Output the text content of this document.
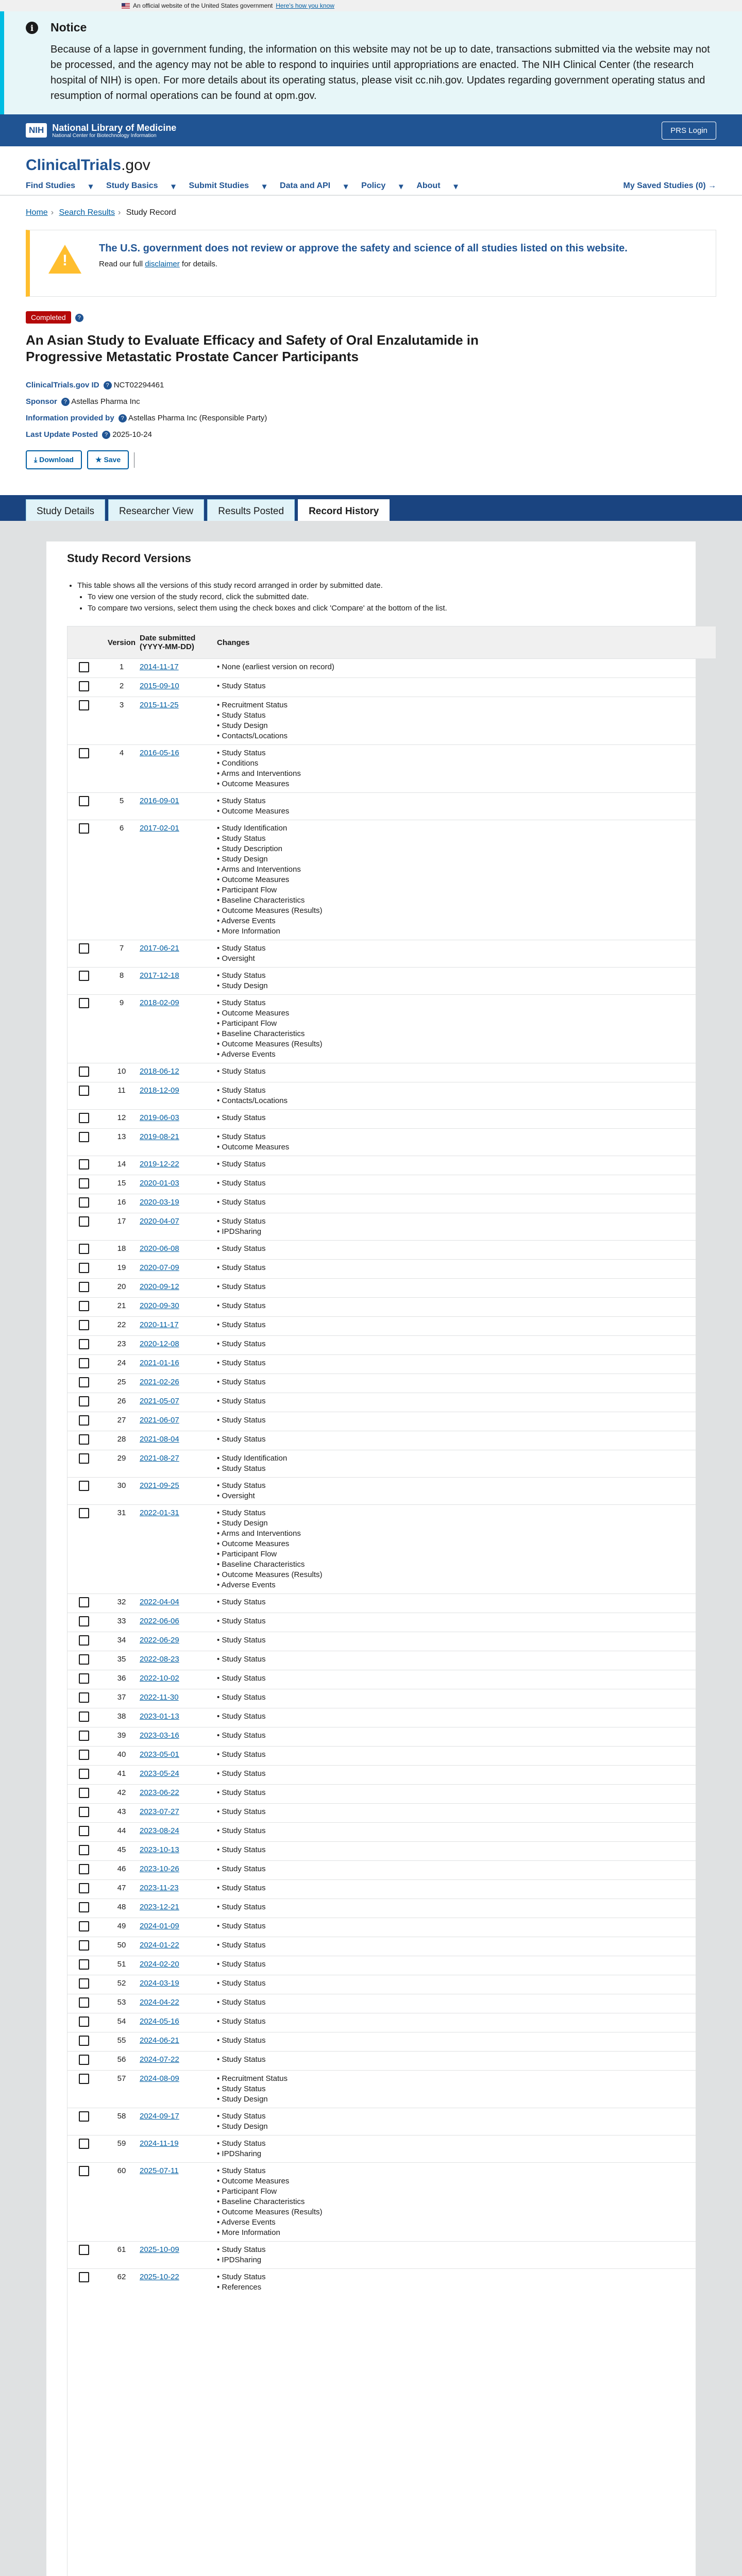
An official website of the United States government Here's how you know
i	Notice

Because of a lapse in government funding, the information on this website may not be up to date, transactions submitted via the website may not be processed, and the agency may not be able to respond to inquiries until appropriations are enacted. The NIH Clinical Center (the research hospital of NIH) is open. For more details about its operating status, please visit cc.nih.gov. Updates regarding government operating status and resumption of normal operations can be found at opm.gov.

NIH National Library of Medicine
National Center for Biotechnology Information
PRS Login
ClinicalTrials.gov
Find Studies ▾ Study Basics ▾ Submit Studies ▾ Data and API ▾ Policy ▾ About ▾	My Saved Studies (0) →
Home › Search Results › Study Record
!
The U.S. government does not review or approve the safety and science of all studies listed on this website.

Read our full disclaimer for details.

Completed ?
An Asian Study to Evaluate Efficacy and Safety of Oral Enzalutamide in Progressive Metastatic Prostate Cancer Participants
ClinicalTrials.gov ID ? NCT02294461
Sponsor ? Astellas Pharma Inc
Information provided by ? Astellas Pharma Inc (Responsible Party)
Last Update Posted ? 2025-10-24
⤓ Download	★ Save
Study Details	Researcher View	Results Posted	Record History
Study Record Versions
• This table shows all the versions of this study record arranged in order by submitted date.
• To view one version of the study record, click the submitted date.
• To compare two versions, select them using the check boxes and click 'Compare' at the bottom of the list.
Version Date submitted (YYYY-MM-DD)	Changes
1	2014-11-17	• None (earliest version on record)
2	2015-09-10	• Study Status
3	2015-11-25	• Recruitment Status
• Study Status
• Study Design
• Contacts/Locations
4	2016-05-16	• Study Status
• Conditions
• Arms and Interventions
• Outcome Measures
5	2016-09-01	• Study Status
• Outcome Measures
6	2017-02-01	• Study Identification
• Study Status
• Study Description
• Study Design
• Arms and Interventions
• Outcome Measures
• Participant Flow
• Baseline Characteristics
• Outcome Measures (Results)
• Adverse Events
• More Information
7	2017-06-21	• Study Status
• Oversight
8	2017-12-18	• Study Status
• Study Design
9	2018-02-09	• Study Status
• Outcome Measures
• Participant Flow
• Baseline Characteristics
• Outcome Measures (Results)
• Adverse Events
10	2018-06-12	• Study Status
11	2018-12-09	• Study Status
• Contacts/Locations
12	2019-06-03	• Study Status
13	2019-08-21	• Study Status
• Outcome Measures
14	2019-12-22	• Study Status
15	2020-01-03	• Study Status
16	2020-03-19	• Study Status
17	2020-04-07	• Study Status
• IPDSharing
18	2020-06-08	• Study Status
19	2020-07-09	• Study Status
20	2020-09-12	• Study Status
21	2020-09-30	• Study Status
22	2020-11-17	• Study Status
23	2020-12-08	• Study Status
24	2021-01-16	• Study Status
25	2021-02-26	• Study Status
26	2021-05-07	• Study Status
27	2021-06-07	• Study Status
28	2021-08-04	• Study Status
29	2021-08-27	• Study Identification
• Study Status
30	2021-09-25	• Study Status
• Oversight
31	2022-01-31	• Study Status
• Study Design
• Arms and Interventions
• Outcome Measures
• Participant Flow
• Baseline Characteristics
• Outcome Measures (Results)
• Adverse Events
32	2022-04-04	• Study Status
33	2022-06-06	• Study Status
34	2022-06-29	• Study Status
35	2022-08-23	• Study Status
36	2022-10-02	• Study Status
37	2022-11-30	• Study Status
38	2023-01-13	• Study Status
39	2023-03-16	• Study Status
40	2023-05-01	• Study Status
41	2023-05-24	• Study Status
42	2023-06-22	• Study Status
43	2023-07-27	• Study Status
44	2023-08-24	• Study Status
45	2023-10-13	• Study Status
46	2023-10-26	• Study Status
47	2023-11-23	• Study Status
48	2023-12-21	• Study Status
49	2024-01-09	• Study Status
50	2024-01-22	• Study Status
51	2024-02-20	• Study Status
52	2024-03-19	• Study Status
53	2024-04-22	• Study Status
54	2024-05-16	• Study Status
55	2024-06-21	• Study Status
56	2024-07-22	• Study Status
57	2024-08-09	• Recruitment Status
• Study Status
• Study Design
58	2024-09-17	• Study Status
• Study Design
59	2024-11-19	• Study Status
• IPDSharing
60	2025-07-11	• Study Status
• Outcome Measures
• Participant Flow
• Baseline Characteristics
• Outcome Measures (Results)
• Adverse Events
• More Information
61	2025-10-09	• Study Status
• IPDSharing
62	2025-10-22	• Study Status
• References
